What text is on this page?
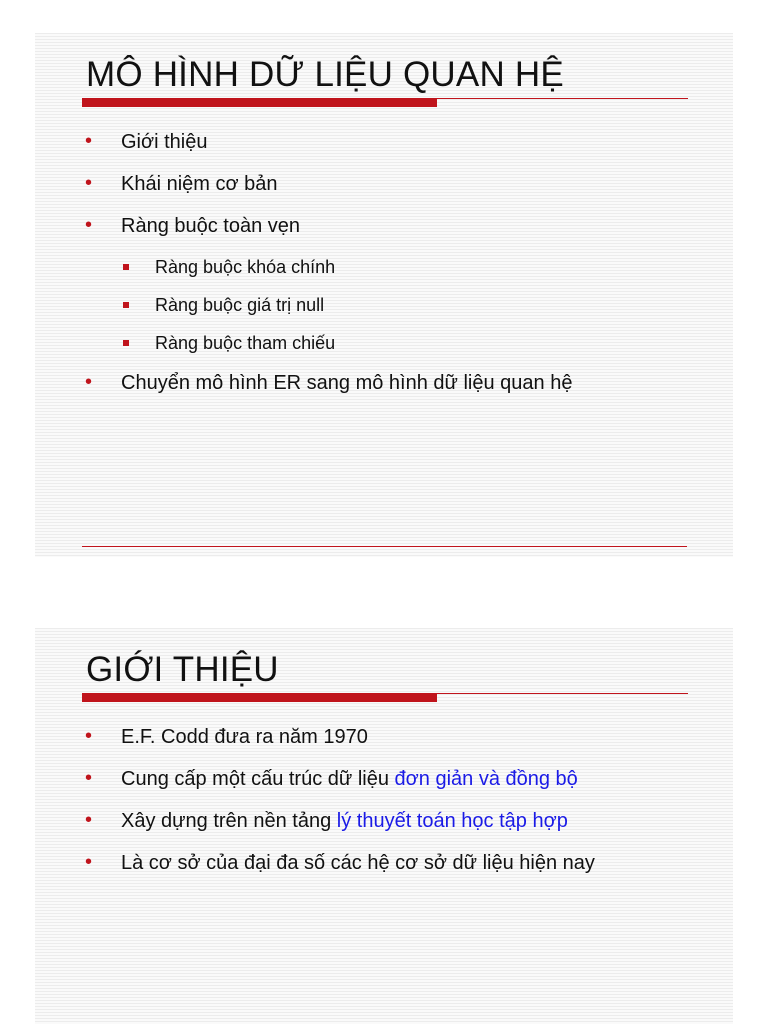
MÔ HÌNH DỮ LIỆU QUAN HỆ
• Giới thiệu
• Khái niệm cơ bản
• Ràng buộc toàn vẹn
Ràng buộc khóa chính
Ràng buộc giá trị null
Ràng buộc tham chiếu
• Chuyển mô hình ER sang mô hình dữ liệu quan hệ
GIỚI THIỆU
• E.F. Codd đưa ra năm 1970
• Cung cấp một cấu trúc dữ liệu đơn giản và đồng bộ
• Xây dựng trên nền tảng lý thuyết toán học tập hợp
• Là cơ sở của đại đa số các hệ cơ sở dữ liệu hiện nay
